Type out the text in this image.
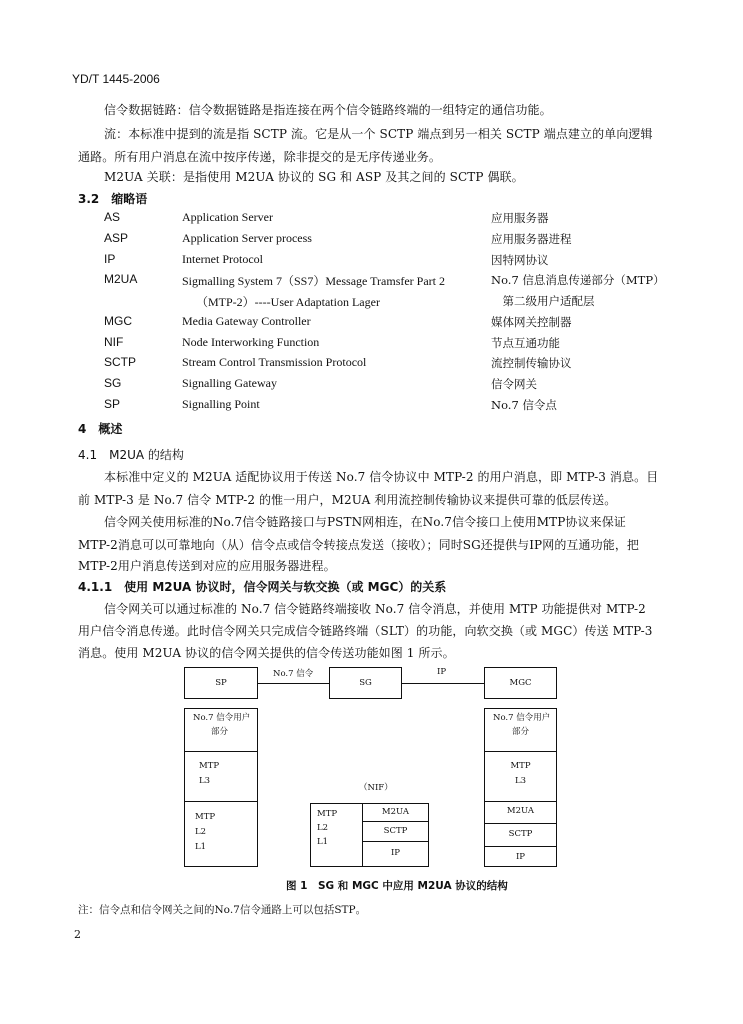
YD/T 1445-2006
信令数据链路：信令数据链路是指连接在两个信令链路终端的一组特定的通信功能。
流：本标准中提到的流是指 SCTP 流。它是从一个 SCTP 端点到另一相关 SCTP 端点建立的单向逻辑
通路。所有用户消息在流中按序传递，除非提交的是无序传递业务。
M2UA 关联：是指使用 M2UA 协议的 SG 和 ASP 及其之间的 SCTP 偶联。
3.2　缩略语
AS	Application Server	应用服务器
ASP	Application Server process	应用服务器进程
IP	Internet Protocol	因特网协议
M2UA	Sigmalling System 7（SS7）Message Tramsfer Part 2	No.7 信息消息传递部分（MTP）
（MTP-2）----User Adaptation Lager	　第二级用户适配层
MGC	Media Gateway Controller	媒体网关控制器
NIF	Node Interworking Function	节点互通功能
SCTP	Stream Control Transmission Protocol	流控制传输协议
SG	Signalling Gateway	信令网关
SP	Signalling Point	No.7 信令点
4　概述
4.1　M2UA 的结构
本标准中定义的 M2UA 适配协议用于传送 No.7 信令协议中 MTP-2 的用户消息，即 MTP-3 消息。目
前 MTP-3 是 No.7 信令 MTP-2 的惟一用户，M2UA 利用流控制传输协议来提供可靠的低层传送。
信令网关使用标准的No.7信令链路接口与PSTN网相连，在No.7信令接口上使用MTP协议来保证
MTP-2消息可以可靠地向（从）信令点或信令转接点发送（接收）；同时SG还提供与IP网的互通功能，把
MTP-2用户消息传送到对应的应用服务器进程。
4.1.1　使用 M2UA 协议时，信令网关与软交换（或 MGC）的关系
信令网关可以通过标准的 No.7 信令链路终端接收 No.7 信令消息，并使用 MTP 功能提供对 MTP-2
用户信令消息传递。此时信令网关只完成信令链路终端（SLT）的功能，向软交换（或 MGC）传送 MTP-3
消息。使用 M2UA 协议的信令网关提供的信令传送功能如图 1 所示。
SP	SG	MGC
No.7 信令	IP
No.7 信令用户
部分
MTP
L3
MTP
L2
L1
（NIF）
MTP
L2
L1
M2UA
SCTP
IP
No.7 信令用户
部分
MTP
L3
M2UA
SCTP
IP
图 1　SG 和 MGC 中应用 M2UA 协议的结构
注：信令点和信令网关之间的No.7信令通路上可以包括STP。
2
